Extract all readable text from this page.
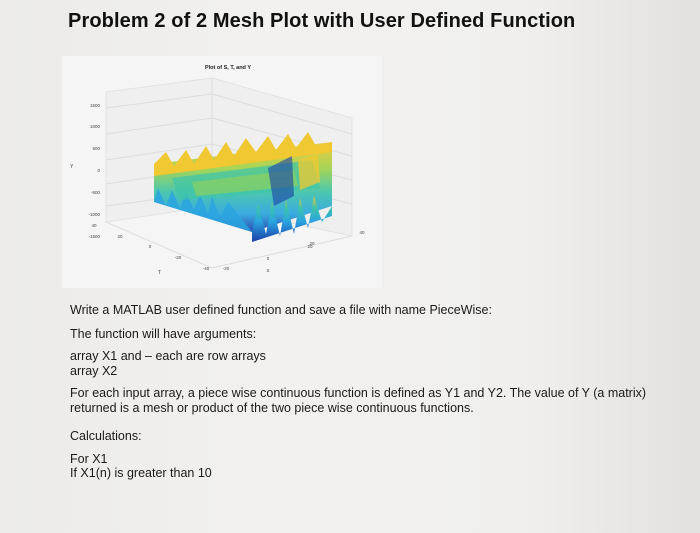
Problem 2 of 2 Mesh Plot with User Defined Function
Plot of S, T, and Y
1500
1000
500
0
-500
-1000
-1500
Y
40
20
0
-20
-40
T
-20
0
20
S
20
40
Write a MATLAB user defined function and save a file with name PieceWise:
The function will have arguments:
array X1 and – each are row arrays
array X2
For each input array, a piece wise continuous function is defined as Y1 and Y2. The value of Y (a matrix) returned is a mesh or product of the two piece wise continuous functions.
Calculations:
For X1
If X1(n) is greater than 10
